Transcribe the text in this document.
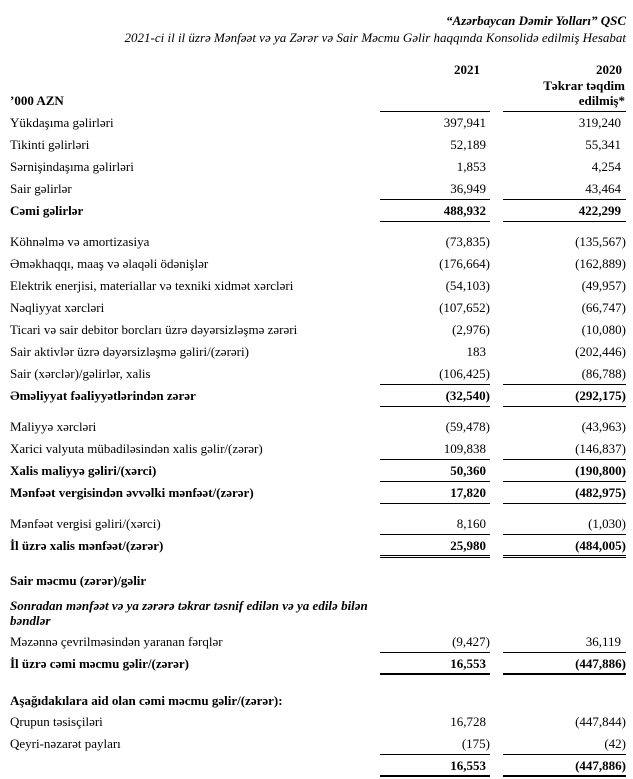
“Azərbaycan Dəmir Yolları” QSC
2021-ci il il üzrə Mənfəət və ya Zərər və Sair Məcmu Gəlir haqqında Konsolidə edilmiş Hesabat
’000 AZN
2021	2020
Təkrar təqdim edilmiş*
Yükdaşıma gəlirləri	397,941	319,240
Tikinti gəlirləri	52,189	55,341
Sərnişindaşıma gəlirləri	1,853	4,254
Sair gəlirlər	36,949	43,464
Cəmi gəlirlər	488,932	422,299
Köhnəlmə və amortizasiya	(73,835)	(135,567)
Əməkhaqqı, maaş və əlaqəli ödənişlər	(176,664)	(162,889)
Elektrik enerjisi, materiallar və texniki xidmət xərcləri	(54,103)	(49,957)
Nəqliyyat xərcləri	(107,652)	(66,747)
Ticari və sair debitor borcları üzrə dəyərsizləşmə zərəri	(2,976)	(10,080)
Sair aktivlər üzrə dəyərsizləşmə gəliri/(zərəri)	183	(202,446)
Sair (xərclər)/gəlirlər, xalis	(106,425)	(86,788)
Əməliyyat fəaliyyətlərindən zərər	(32,540)	(292,175)
Maliyyə xərcləri	(59,478)	(43,963)
Xarici valyuta mübadiləsindən xalis gəlir/(zərər)	109,838	(146,837)
Xalis maliyyə gəliri/(xərci)	50,360	(190,800)
Mənfəət vergisindən əvvəlki mənfəət/(zərər)	17,820	(482,975)
Mənfəət vergisi gəliri/(xərci)	8,160	(1,030)
İl üzrə xalis mənfəət/(zərər)	25,980	(484,005)
Sair məcmu (zərər)/gəlir
Sonradan mənfəət və ya zərərə təkrar təsnif edilən və ya edilə bilən bəndlər
Məzənnə çevrilməsindən yaranan fərqlər	(9,427)	36,119
İl üzrə cəmi məcmu gəlir/(zərər)	16,553	(447,886)
Aşağıdakılara aid olan cəmi məcmu gəlir/(zərər):
Qrupun təsisçiləri	16,728	(447,844)
Qeyri-nəzarət payları	(175)	(42)
16,553	(447,886)
